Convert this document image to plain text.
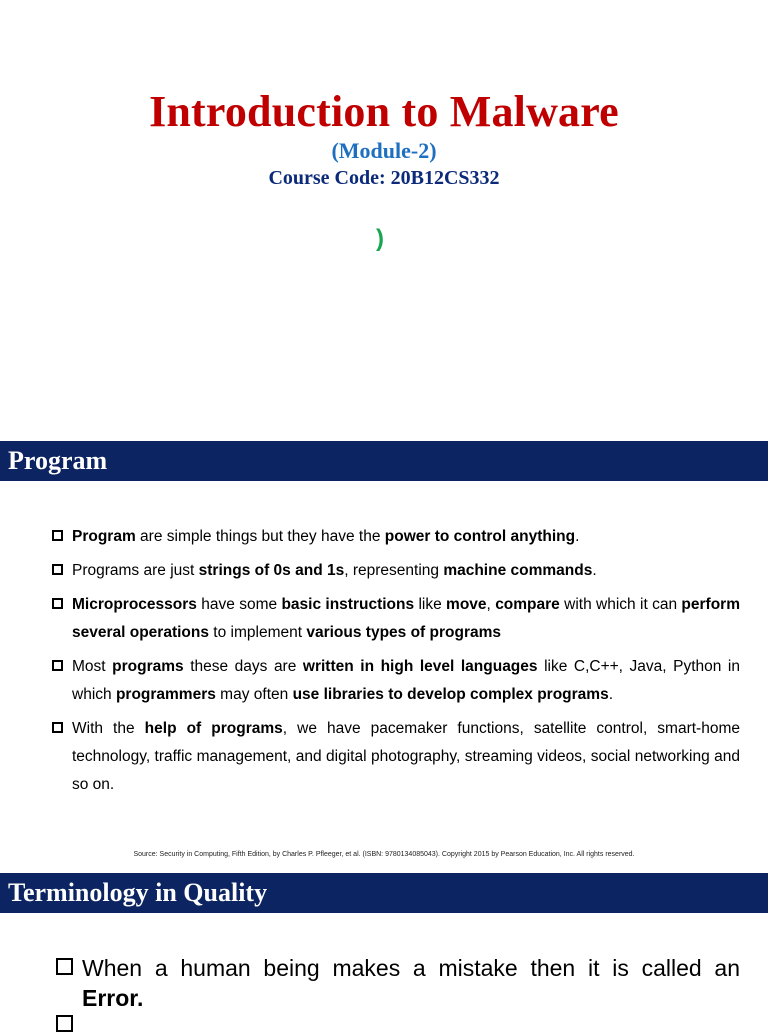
Introduction to Malware
(Module-2)
Course Code: 20B12CS332
)
Program
Program are simple things but they have the power to control anything.
Programs are just strings of 0s and 1s, representing machine commands.
Microprocessors have some basic instructions like move, compare with which it can perform several operations to implement various types of programs
Most programs these days are written in high level languages like C,C++, Java, Python in which programmers may often use libraries to develop complex programs.
With the help of programs, we have pacemaker functions, satellite control, smart-home technology, traffic management, and digital photography, streaming videos, social networking and so on.
Source: Security in Computing, Fifth Edition, by Charles P. Pfleeger, et al. (ISBN: 9780134085043). Copyright 2015 by Pearson Education, Inc. All rights reserved.
Terminology in Quality
When a human being makes a mistake then it is called an
Error.
